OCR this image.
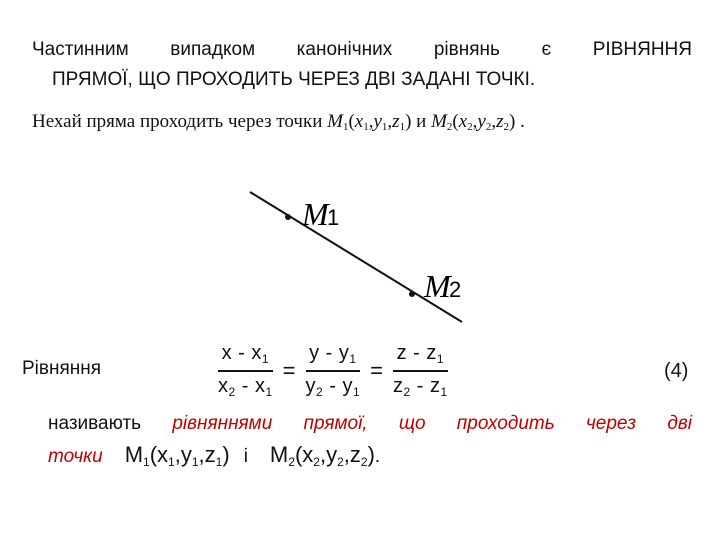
Частинним випадком канонічних рівнянь є РІВНЯННЯ
ПРЯМОЇ, ЩО ПРОХОДИТЬ ЧЕРЕЗ ДВІ ЗАДАНІ ТОЧКІ.
Нехай пряма проходить через точки $M_1(x_1,y_1,z_1)$ и $M_2(x_2,y_2,z_2)$ .
M
1
M
2
Рівняння	$\frac{x - x_1}{x_2 - x_1} = \frac{y - y_1}{y_2 - y_1} = \frac{z - z_1}{z_2 - z_1}$	(4)
називають рівняннями прямої, що проходить через дві
точки $M_1(x_1,y_1,z_1)$ і $M_2(x_2,y_2,z_2)$ .
